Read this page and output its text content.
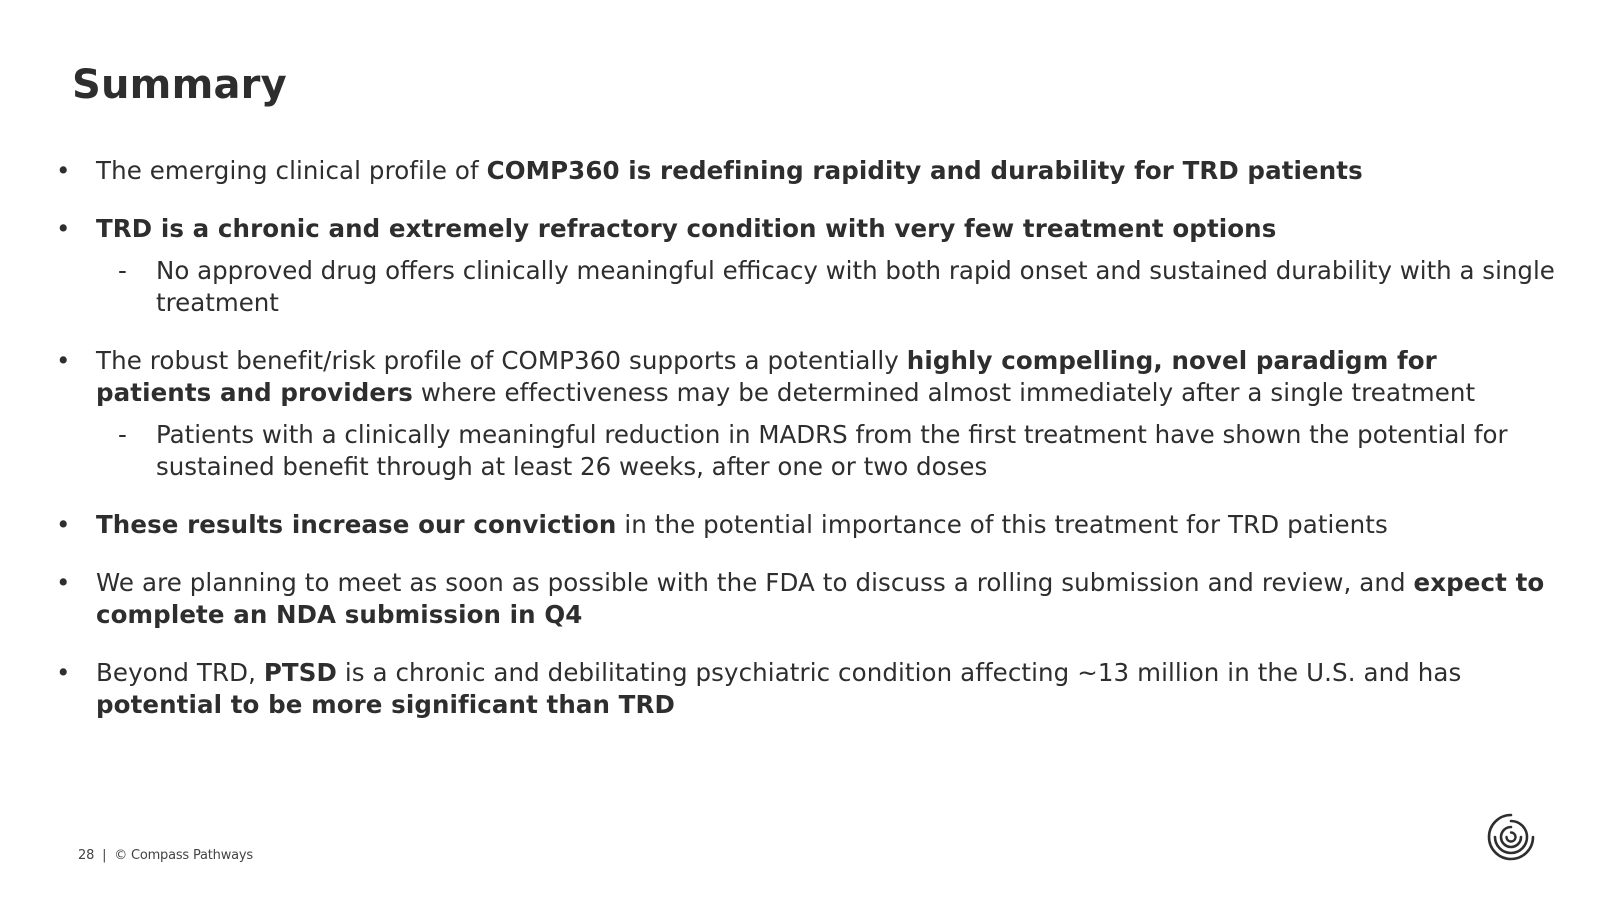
Summary
• The emerging clinical profile of COMP360 is redefining rapidity and durability for TRD patients
• TRD is a chronic and extremely refractory condition with very few treatment options
- No approved drug offers clinically meaningful efficacy with both rapid onset and sustained durability with a single treatment
• The robust benefit/risk profile of COMP360 supports a potentially highly compelling, novel paradigm for patients and providers where effectiveness may be determined almost immediately after a single treatment
- Patients with a clinically meaningful reduction in MADRS from the first treatment have shown the potential for sustained benefit through at least 26 weeks, after one or two doses
• These results increase our conviction in the potential importance of this treatment for TRD patients
• We are planning to meet as soon as possible with the FDA to discuss a rolling submission and review, and expect to complete an NDA submission in Q4
• Beyond TRD, PTSD is a chronic and debilitating psychiatric condition affecting ~13 million in the U.S. and has potential to be more significant than TRD
28 | © Compass Pathways
